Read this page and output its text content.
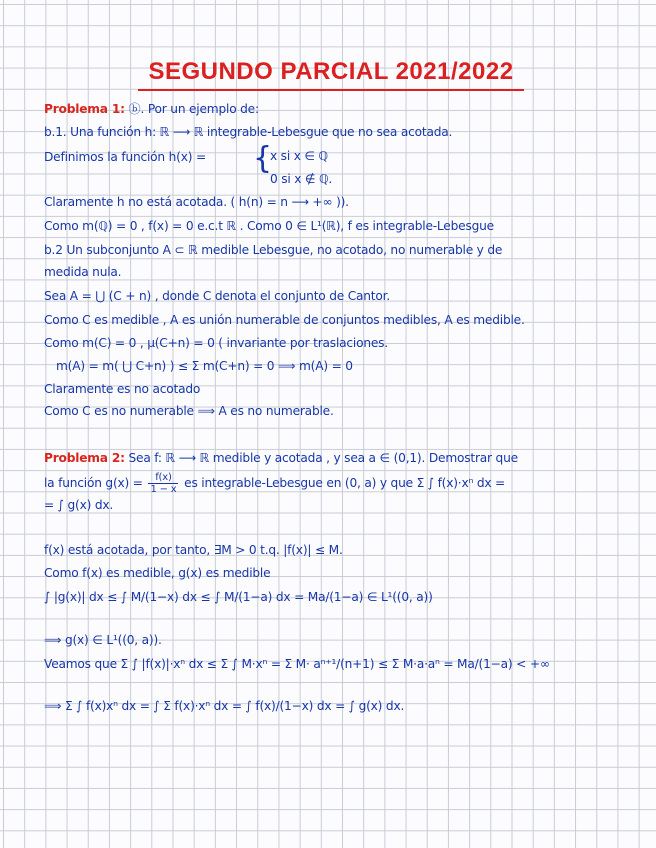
SEGUNDO PARCIAL 2021/2022
Problema 1: ⓑ. Por un ejemplo de:
b.1. Una función h: ℝ ⟶ ℝ integrable-Lebesgue que no sea acotada.
Definimos la función h(x) = {
x si x ∈ ℚ
0 si x ∉ ℚ.
Claramente h no está acotada. ( h(n) = n ⟶ +∞ )).
Como m(ℚ) = 0 , f(x) = 0 e.c.t ℝ . Como 0 ∈ L¹(ℝ), f es integrable-Lebesgue
b.2 Un subconjunto A ⊂ ℝ medible Lebesgue, no acotado, no numerable y de
medida nula.
Sea A = ⋃ (C + n) , donde C denota el conjunto de Cantor.
Como C es medible , A es unión numerable de conjuntos medibles, A es medible.
Como m(C) = 0 , μ(C+n) = 0 ( invariante por traslaciones.
m(A) = m( ⋃ C+n) ) ≤ Σ m(C+n) = 0 ⟹ m(A) = 0
Claramente es no acotado
Como C es no numerable ⟹ A es no numerable.
Problema 2: Sea f: ℝ ⟶ ℝ medible y acotada , y sea a ∈ (0,1). Demostrar que
la función $g(x) = \frac{f(x)}{1 - x}$ es integrable-Lebesgue en (0, a) y que Σ ∫ f(x)·xⁿ dx =
= ∫ g(x) dx.
f(x) está acotada, por tanto, ∃M > 0 t.q. |f(x)| ≤ M.
Como f(x) es medible, g(x) es medible
∫ |g(x)| dx ≤ ∫ M/(1−x) dx ≤ ∫ M/(1−a) dx = Ma/(1−a) ∈ L¹((0, a))
⟹ g(x) ∈ L¹((0, a)).
Veamos que Σ ∫ |f(x)|·xⁿ dx ≤ Σ ∫ M·xⁿ = Σ M· aⁿ⁺¹/(n+1) ≤ Σ M·a·aⁿ = Ma/(1−a) < +∞
⟹ Σ ∫ f(x)xⁿ dx = ∫ Σ f(x)·xⁿ dx = ∫ f(x)/(1−x) dx = ∫ g(x) dx.
